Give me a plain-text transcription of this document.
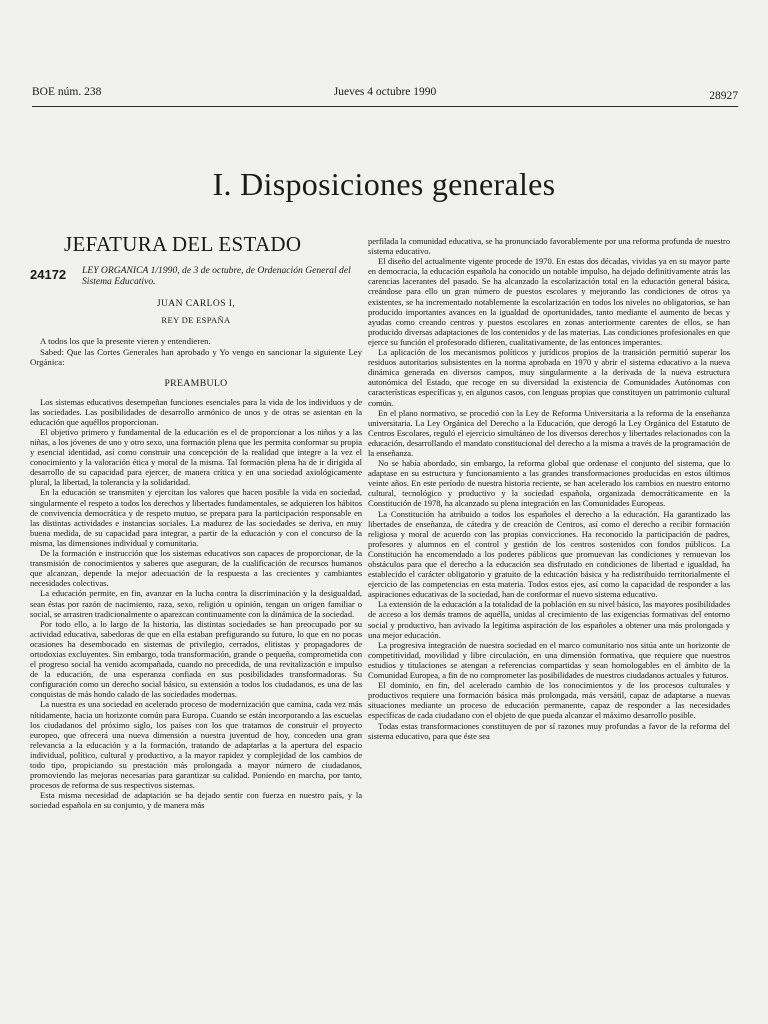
BOE núm. 238	Jueves 4 octubre 1990	28927
I. Disposiciones generales
JEFATURA DEL ESTADO
24172	LEY ORGANICA 1/1990, de 3 de octubre, de Ordenación General del Sistema Educativo.
JUAN CARLOS I,
REY DE ESPAÑA

A todos los que la presente vieren y entendieren.

Sabed: Que las Cortes Generales han aprobado y Yo vengo en sancionar la siguiente Ley Orgánica:

PREAMBULO

Los sistemas educativos desempeñan funciones esenciales para la vida de los individuos y de las sociedades. Las posibilidades de desarrollo armónico de unos y de otras se asientan en la educación que aquéllos proporcionan.

El objetivo primero y fundamental de la educación es el de proporcionar a los niños y a las niñas, a los jóvenes de uno y otro sexo, una formación plena que les permita conformar su propia y esencial identidad, así como construir una concepción de la realidad que integre a la vez el conocimiento y la valoración ética y moral de la misma. Tal formación plena ha de ir dirigida al desarrollo de su capacidad para ejercer, de manera crítica y en una sociedad axiológicamente plural, la libertad, la tolerancia y la solidaridad.

En la educación se transmiten y ejercitan los valores que hacen posible la vida en sociedad, singularmente el respeto a todos los derechos y libertades fundamentales, se adquieren los hábitos de convivencia democrática y de respeto mutuo, se prepara para la participación responsable en las distintas actividades e instancias sociales. La madurez de las sociedades se deriva, en muy buena medida, de su capacidad para integrar, a partir de la educación y con el concurso de la misma, las dimensiones individual y comunitaria.

De la formación e instrucción que los sistemas educativos son capaces de proporcionar, de la transmisión de conocimientos y saberes que aseguran, de la cualificación de recursos humanos que alcanzan, depende la mejor adecuación de la respuesta a las crecientes y cambiantes necesidades colectivas.

La educación permite, en fin, avanzar en la lucha contra la discriminación y la desigualdad, sean éstas por razón de nacimiento, raza, sexo, religión u opinión, tengan un origen familiar o social, se arrastren tradicionalmente o aparezcan continuamente con la dinámica de la sociedad.

Por todo ello, a lo largo de la historia, las distintas sociedades se han preocupado por su actividad educativa, sabedoras de que en ella estaban prefigurando su futuro, lo que en no pocas ocasiones ha desembocado en sistemas de privilegio, cerrados, elitistas y propagadores de ortodoxias excluyentes. Sin embargo, toda transformación, grande o pequeña, comprometida con el progreso social ha venido acompañada, cuando no precedida, de una revitalización e impulso de la educación, de una esperanza confiada en sus posibilidades transformadoras. Su configuración como un derecho social básico, su extensión a todos los ciudadanos, es una de las conquistas de más hondo calado de las sociedades modernas.

La nuestra es una sociedad en acelerado proceso de modernización que camina, cada vez más nítidamente, hacia un horizonte común para Europa. Cuando se están incorporando a las escuelas los ciudadanos del próximo siglo, los países con los que tratamos de construir el proyecto europeo, que ofrecerá una nueva dimensión a nuestra juventud de hoy, conceden una gran relevancia a la educación y a la formación, tratando de adaptarlas a la apertura del espacio individual, político, cultural y productivo, a la mayor rapidez y complejidad de los cambios de todo tipo, propiciando su prestación más prolongada a mayor número de ciudadanos, promoviendo las mejoras necesarias para garantizar su calidad. Poniendo en marcha, por tanto, procesos de reforma de sus respectivos sistemas.

Esta misma necesidad de adaptación se ha dejado sentir con fuerza en nuestro país, y la sociedad española en su conjunto, y de manera más

perfilada la comunidad educativa, se ha pronunciado favorablemente por una reforma profunda de nuestro sistema educativo.

El diseño del actualmente vigente procede de 1970. En estas dos décadas, vividas ya en su mayor parte en democracia, la educación española ha conocido un notable impulso, ha dejado definitivamente atrás las carencias lacerantes del pasado. Se ha alcanzado la escolarización total en la educación general básica, creándose para ello un gran número de puestos escolares y mejorando las condiciones de otros ya existentes, se ha incrementado notablemente la escolarización en todos los niveles no obligatorios, se han producido importantes avances en la igualdad de oportunidades, tanto mediante el aumento de becas y ayudas como creando centros y puestos escolares en zonas anteriormente carentes de ellos, se han producido diversas adaptaciones de los contenidos y de las materias. Las condiciones profesionales en que ejerce su función el profesorado difieren, cualitativamente, de las entonces imperantes.

La aplicación de los mecanismos políticos y jurídicos propios de la transición permitió superar los residuos autoritarios subsistentes en la norma aprobada en 1970 y abrir el sistema educativo a la nueva dinámica generada en diversos campos, muy singularmente a la derivada de la nueva estructura autonómica del Estado, que recoge en su diversidad la existencia de Comunidades Autónomas con características específicas y, en algunos casos, con lenguas propias que constituyen un patrimonio cultural común.

En el plano normativo, se procedió con la Ley de Reforma Universitaria a la reforma de la enseñanza universitaria. La Ley Orgánica del Derecho a la Educación, que derogó la Ley Orgánica del Estatuto de Centros Escolares, reguló el ejercicio simultáneo de los diversos derechos y libertades relacionados con la educación, desarrollando el mandato constitucional del derecho a la misma a través de la programación de la enseñanza.

No se había abordado, sin embargo, la reforma global que ordenase el conjunto del sistema, que lo adaptase en su estructura y funcionamiento a las grandes transformaciones producidas en estos últimos veinte años. En este período de nuestra historia reciente, se han acelerado los cambios en nuestro entorno cultural, tecnológico y productivo y la sociedad española, organizada democráticamente en la Constitución de 1978, ha alcanzado su plena integración en las Comunidades Europeas.

La Constitución ha atribuido a todos los españoles el derecho a la educación. Ha garantizado las libertades de enseñanza, de cátedra y de creación de Centros, así como el derecho a recibir formación religiosa y moral de acuerdo con las propias convicciones. Ha reconocido la participación de padres, profesores y alumnos en el control y gestión de los centros sostenidos con fondos públicos. La Constitución ha encomendado a los poderes públicos que promuevan las condiciones y remuevan los obstáculos para que el derecho a la educación sea disfrutado en condiciones de libertad e igualdad, ha establecido el carácter obligatorio y gratuito de la educación básica y ha redistribuido territorialmente el ejercicio de las competencias en esta materia. Todos estos ejes, así como la capacidad de responder a las aspiraciones educativas de la sociedad, han de conformar el nuevo sistema educativo.

La extensión de la educación a la totalidad de la población en su nivel básico, las mayores posibilidades de acceso a los demás tramos de aquélla, unidas al crecimiento de las exigencias formativas del entorno social y productivo, han avivado la legítima aspiración de los españoles a obtener una más prolongada y una mejor educación.

La progresiva integración de nuestra sociedad en el marco comunitario nos sitúa ante un horizonte de competitividad, movilidad y libre circulación, en una dimensión formativa, que requiere que nuestros estudios y titulaciones se atengan a referencias compartidas y sean homologables en el ámbito de la Comunidad Europea, a fin de no comprometer las posibilidades de nuestros ciudadanos actuales y futuros.

El dominio, en fin, del acelerado cambio de los conocimientos y de los procesos culturales y productivos requiere una formación básica más prolongada, más versátil, capaz de adaptarse a nuevas situaciones mediante un proceso de educación permanente, capaz de responder a las necesidades específicas de cada ciudadano con el objeto de que pueda alcanzar el máximo desarrollo posible.

Todas estas transformaciones constituyen de por sí razones muy profundas a favor de la reforma del sistema educativo, para que éste sea
